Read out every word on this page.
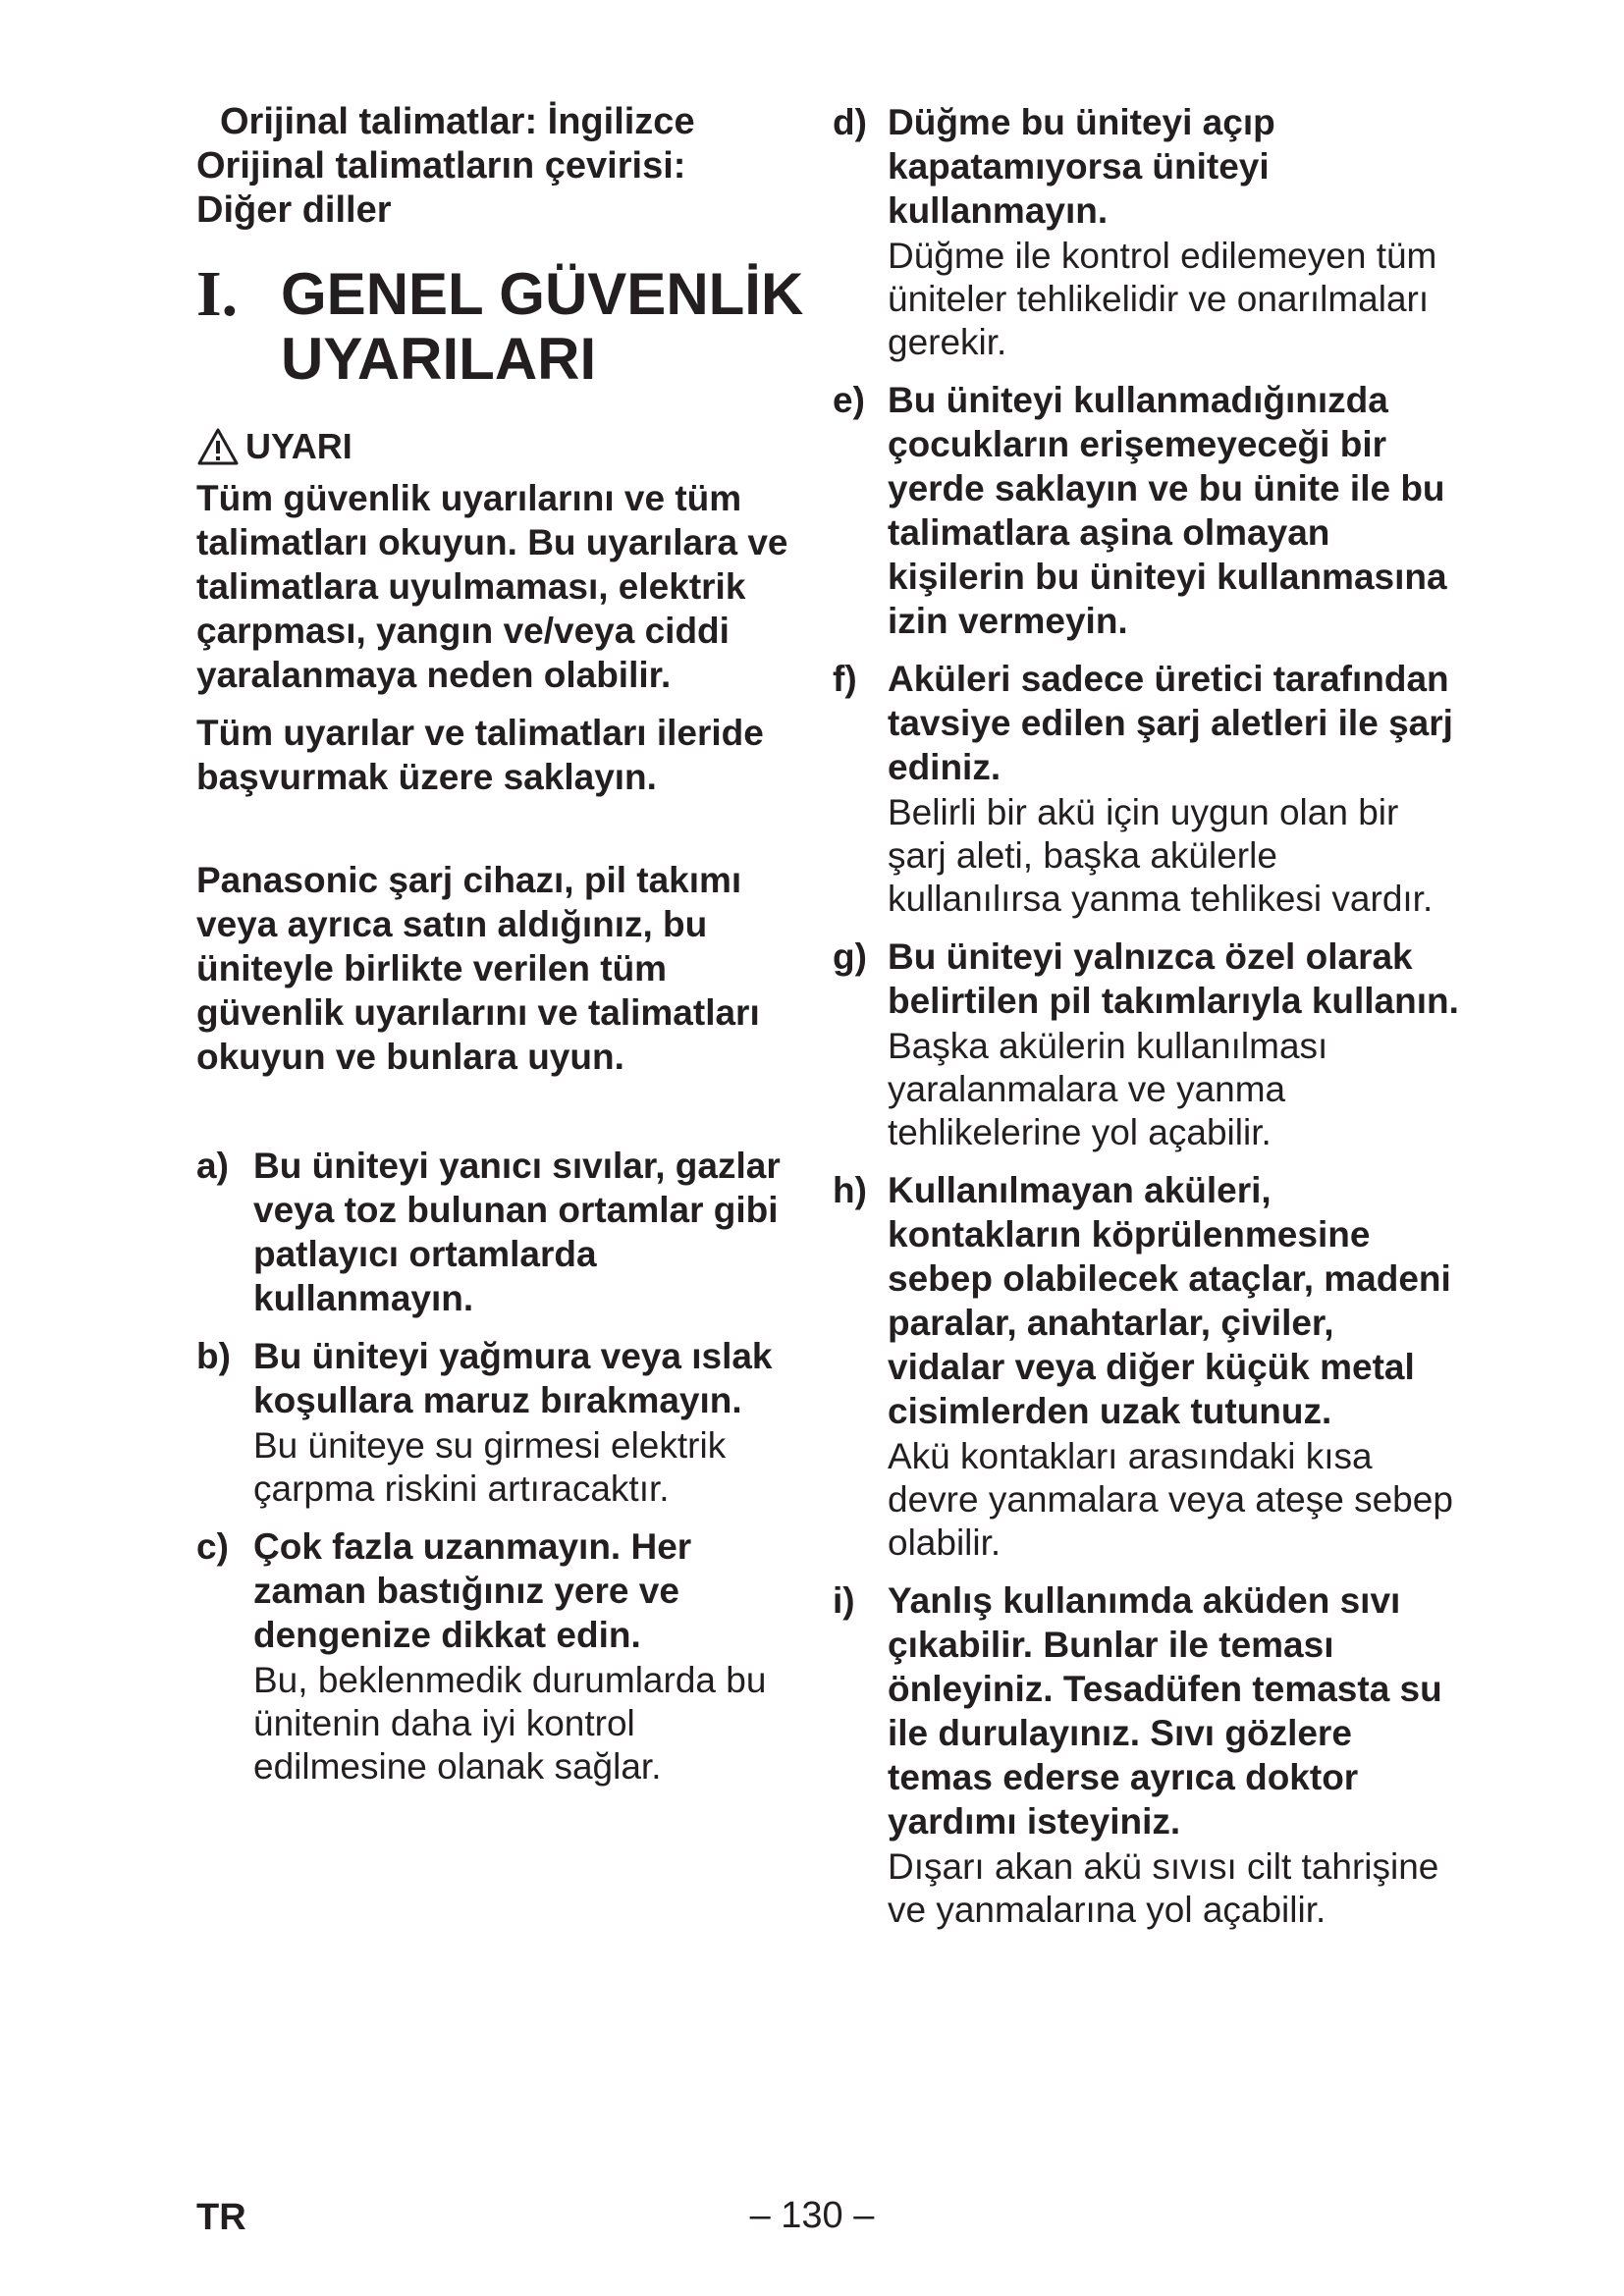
Orijinal talimatlar: İngilizce
Orijinal talimatların çevirisi:
Diğer diller

I. GENEL GÜVENLİK UYARILARI
UYARI

Tüm güvenlik uyarılarını ve tüm talimatları okuyun. Bu uyarılara ve talimatlara uyulmaması, elektrik çarpması, yangın ve/veya ciddi yaralanmaya neden olabilir.

Tüm uyarılar ve talimatları ileride başvurmak üzere saklayın.

Panasonic şarj cihazı, pil takımı veya ayrıca satın aldığınız, bu üniteyle birlikte verilen tüm güvenlik uyarılarını ve talimatları okuyun ve bunlara uyun.

a) Bu üniteyi yanıcı sıvılar, gazlar veya toz bulunan ortamlar gibi patlayıcı ortamlarda kullanmayın.
b) Bu üniteyi yağmura veya ıslak koşullara maruz bırakmayın.
Bu üniteye su girmesi elektrik çarpma riskini artıracaktır.
c) Çok fazla uzanmayın. Her zaman bastığınız yere ve dengenize dikkat edin.
Bu, beklenmedik durumlarda bu ünitenin daha iyi kontrol edilmesine olanak sağlar.
d) Düğme bu üniteyi açıp kapatamıyorsa üniteyi kullanmayın.
Düğme ile kontrol edilemeyen tüm üniteler tehlikelidir ve onarılmaları gerekir.
e) Bu üniteyi kullanmadığınızda çocukların erişemeyeceği bir yerde saklayın ve bu ünite ile bu talimatlara aşina olmayan kişilerin bu üniteyi kullanmasına izin vermeyin.
f) Aküleri sadece üretici tarafından tavsiye edilen şarj aletleri ile şarj ediniz.
Belirli bir akü için uygun olan bir şarj aleti, başka akülerle kullanılırsa yanma tehlikesi vardır.
g) Bu üniteyi yalnızca özel olarak belirtilen pil takımlarıyla kullanın.
Başka akülerin kullanılması yaralanmalara ve yanma tehlikelerine yol açabilir.
h) Kullanılmayan aküleri, kontakların köprülenmesine sebep olabilecek ataçlar, madeni paralar, anahtarlar, çiviler, vidalar veya diğer küçük metal cisimlerden uzak tutunuz.
Akü kontakları arasındaki kısa devre yanmalara veya ateşe sebep olabilir.
i) Yanlış kullanımda aküden sıvı çıkabilir. Bunlar ile teması önleyiniz. Tesadüfen temasta su ile durulayınız. Sıvı gözlere temas ederse ayrıca doktor yardımı isteyiniz.
Dışarı akan akü sıvısı cilt tahrişine ve yanmalarına yol açabilir.
TR	– 130 –
